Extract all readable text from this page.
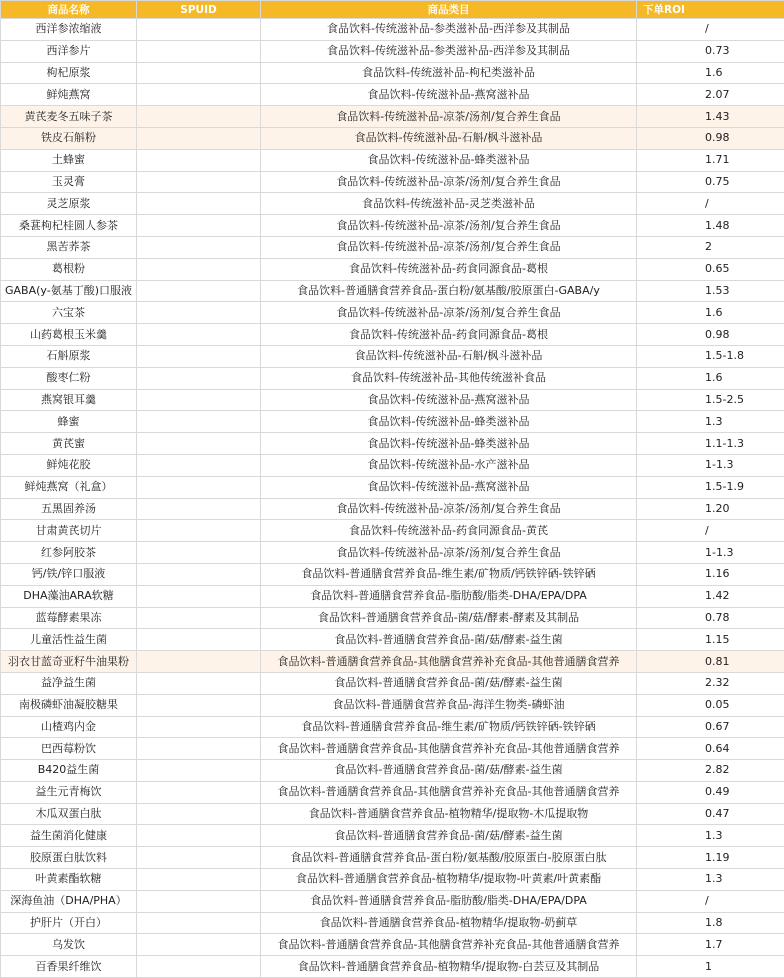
商品名称	SPUID	商品类目	下单ROI
西洋参浓缩液		食品饮料-传统滋补品-参类滋补品-西洋参及其制品	/
西洋参片		食品饮料-传统滋补品-参类滋补品-西洋参及其制品	0.73
枸杞原浆		食品饮料-传统滋补品-枸杞类滋补品	1.6
鲜炖燕窝		食品饮料-传统滋补品-燕窝滋补品	2.07
黄芪麦冬五味子茶		食品饮料-传统滋补品-凉茶/汤剂/复合养生食品	1.43
铁皮石斛粉		食品饮料-传统滋补品-石斛/枫斗滋补品	0.98
土蜂蜜		食品饮料-传统滋补品-蜂类滋补品	1.71
玉灵膏		食品饮料-传统滋补品-凉茶/汤剂/复合养生食品	0.75
灵芝原浆		食品饮料-传统滋补品-灵芝类滋补品	/
桑葚枸杞桂圆人参茶		食品饮料-传统滋补品-凉茶/汤剂/复合养生食品	1.48
黑苦荞茶		食品饮料-传统滋补品-凉茶/汤剂/复合养生食品	2
葛根粉		食品饮料-传统滋补品-药食同源食品-葛根	0.65
GABA(y-氨基丁酸)口服液		食品饮料-普通膳食营养食品-蛋白粉/氨基酸/胶原蛋白-GABA/y	1.53
六宝茶		食品饮料-传统滋补品-凉茶/汤剂/复合养生食品	1.6
山药葛根玉米羹		食品饮料-传统滋补品-药食同源食品-葛根	0.98
石斛原浆		食品饮料-传统滋补品-石斛/枫斗滋补品	1.5-1.8
酸枣仁粉		食品饮料-传统滋补品-其他传统滋补食品	1.6
燕窝银耳羹		食品饮料-传统滋补品-燕窝滋补品	1.5-2.5
蜂蜜		食品饮料-传统滋补品-蜂类滋补品	1.3
黄芪蜜		食品饮料-传统滋补品-蜂类滋补品	1.1-1.3
鲜炖花胶		食品饮料-传统滋补品-水产滋补品	1-1.3
鲜炖燕窝（礼盒）		食品饮料-传统滋补品-燕窝滋补品	1.5-1.9
五黑固养汤		食品饮料-传统滋补品-凉茶/汤剂/复合养生食品	1.20
甘肃黄芪切片		食品饮料-传统滋补品-药食同源食品-黄芪	/
红参阿胶茶		食品饮料-传统滋补品-凉茶/汤剂/复合养生食品	1-1.3
钙/铁/锌口服液		食品饮料-普通膳食营养食品-维生素/矿物质/钙铁锌硒-铁锌硒	1.16
DHA藻油ARA软糖		食品饮料-普通膳食营养食品-脂肪酸/脂类-DHA/EPA/DPA	1.42
蓝莓酵素果冻		食品饮料-普通膳食营养食品-菌/菇/酵素-酵素及其制品	0.78
儿童活性益生菌		食品饮料-普通膳食营养食品-菌/菇/酵素-益生菌	1.15
羽衣甘蓝奇亚籽牛油果粉		食品饮料-普通膳食营养食品-其他膳食营养补充食品-其他普通膳食营养	0.81
益净益生菌		食品饮料-普通膳食营养食品-菌/菇/酵素-益生菌	2.32
南极磷虾油凝胶糖果		食品饮料-普通膳食营养食品-海洋生物类-磷虾油	0.05
山楂鸡内金		食品饮料-普通膳食营养食品-维生素/矿物质/钙铁锌硒-铁锌硒	0.67
巴西莓粉饮		食品饮料-普通膳食营养食品-其他膳食营养补充食品-其他普通膳食营养	0.64
B420益生菌		食品饮料-普通膳食营养食品-菌/菇/酵素-益生菌	2.82
益生元青梅饮		食品饮料-普通膳食营养食品-其他膳食营养补充食品-其他普通膳食营养	0.49
木瓜双蛋白肽		食品饮料-普通膳食营养食品-植物精华/提取物-木瓜提取物	0.47
益生菌消化健康		食品饮料-普通膳食营养食品-菌/菇/酵素-益生菌	1.3
胶原蛋白肽饮料		食品饮料-普通膳食营养食品-蛋白粉/氨基酸/胶原蛋白-胶原蛋白肽	1.19
叶黄素酯软糖		食品饮料-普通膳食营养食品-植物精华/提取物-叶黄素/叶黄素酯	1.3
深海鱼油（DHA/PHA）		食品饮料-普通膳食营养食品-脂肪酸/脂类-DHA/EPA/DPA	/
护肝片（开白）		食品饮料-普通膳食营养食品-植物精华/提取物-奶蓟草	1.8
乌发饮		食品饮料-普通膳食营养食品-其他膳食营养补充食品-其他普通膳食营养	1.7
百香果纤维饮		食品饮料-普通膳食营养食品-植物精华/提取物-白芸豆及其制品	1
